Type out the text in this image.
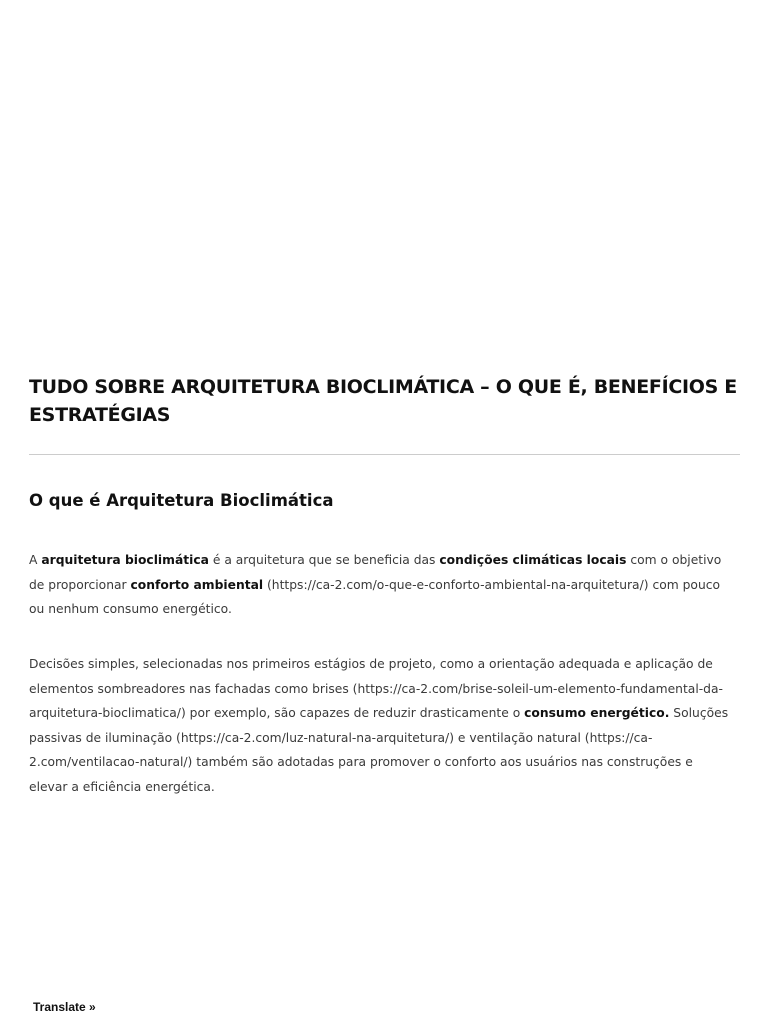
TUDO SOBRE ARQUITETURA BIOCLIMÁTICA – O QUE É, BENEFÍCIOS E ESTRATÉGIAS
O que é Arquitetura Bioclimática

A arquitetura bioclimática é a arquitetura que se beneficia das condições climáticas locais com o objetivo de proporcionar conforto ambiental (https://ca-2.com/o-que-e-conforto-ambiental-na-arquitetura/) com pouco ou nenhum consumo energético.

Decisões simples, selecionadas nos primeiros estágios de projeto, como a orientação adequada e aplicação de elementos sombreadores nas fachadas como brises (https://ca-2.com/brise-soleil-um-elemento-fundamental-da-arquitetura-bioclimatica/) por exemplo, são capazes de reduzir drasticamente o consumo energético. Soluções passivas de iluminação (https://ca-2.com/luz-natural-na-arquitetura/) e ventilação natural (https://ca-2.com/ventilacao-natural/) também são adotadas para promover o conforto aos usuários nas construções e elevar a eficiência energética.

Translate »
